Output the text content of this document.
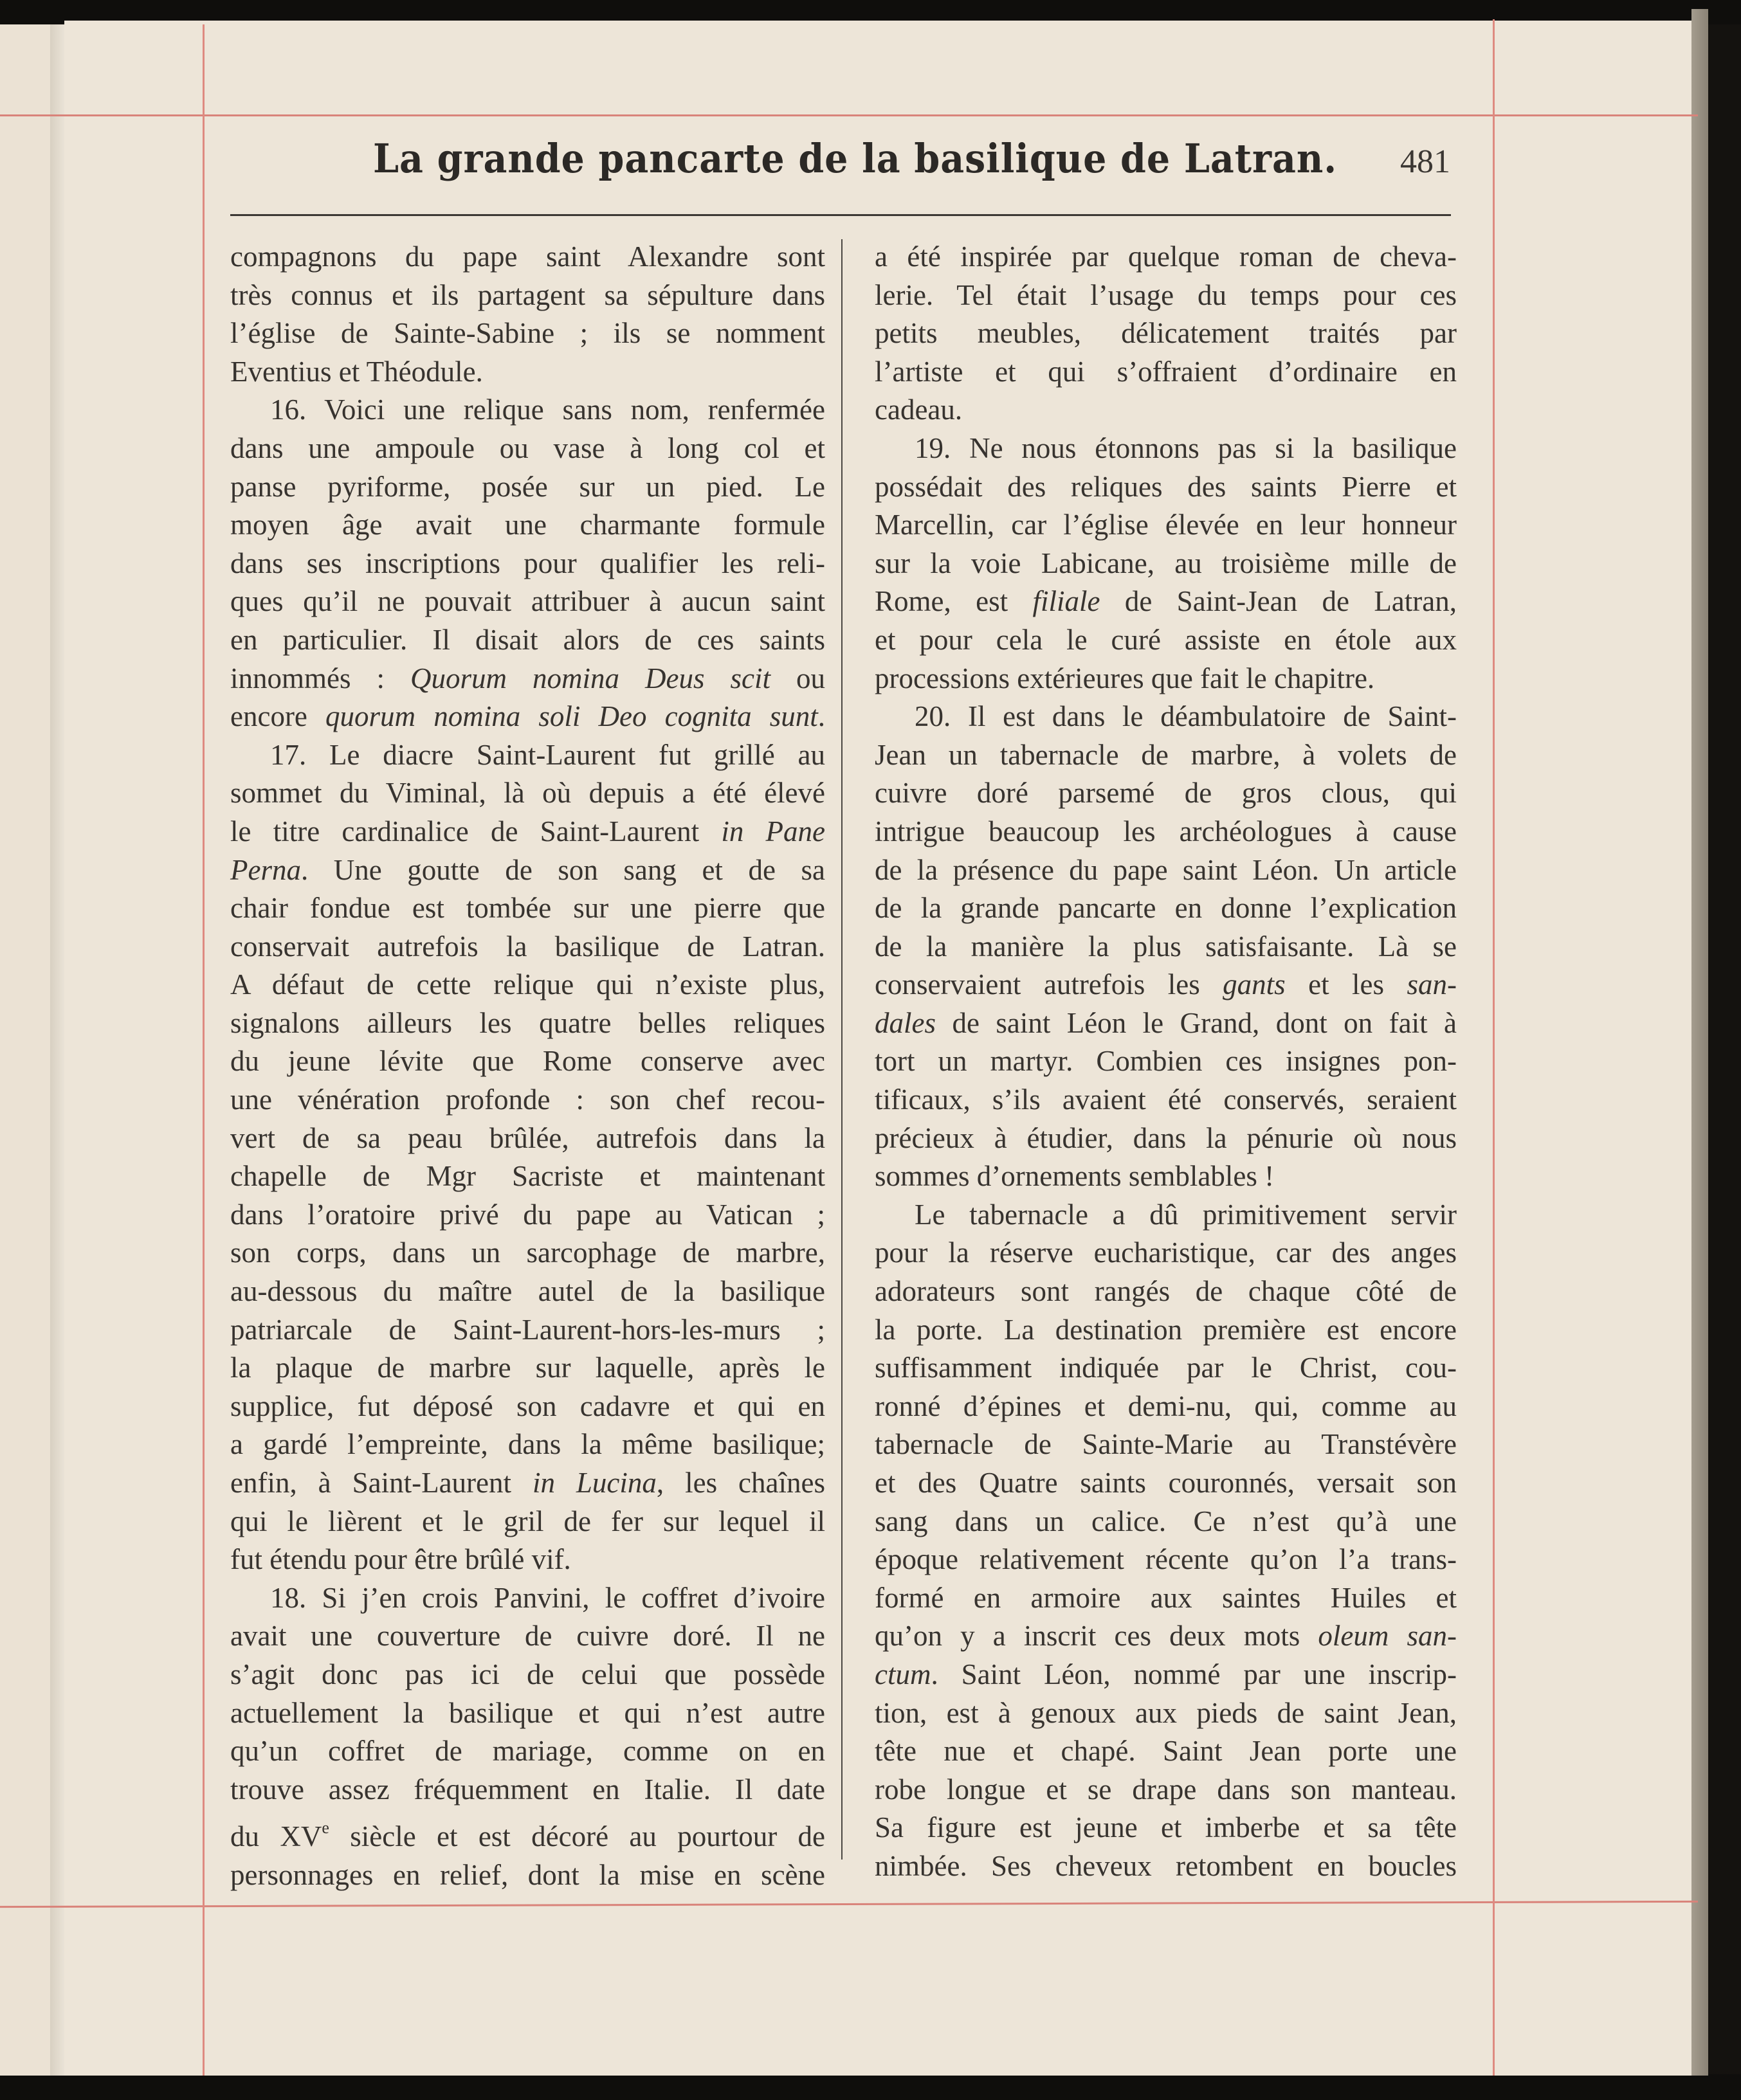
La grande pancarte de la basilique de Latran. 481
compagnons du pape saint Alexandre sont
très connus et ils partagent sa sépulture dans
l’église de Sainte-Sabine ; ils se nomment
Eventius et Théodule.
16. Voici une relique sans nom, renfermée
dans une ampoule ou vase à long col et
panse pyriforme, posée sur un pied. Le
moyen âge avait une charmante formule
dans ses inscriptions pour qualifier les reli-
ques qu’il ne pouvait attribuer à aucun saint
en particulier. Il disait alors de ces saints
innommés : Quorum nomina Deus scit ou
encore quorum nomina soli Deo cognita sunt.
17. Le diacre Saint-Laurent fut grillé au
sommet du Viminal, là où depuis a été élevé
le titre cardinalice de Saint-Laurent in Pane
Perna. Une goutte de son sang et de sa
chair fondue est tombée sur une pierre que
conservait autrefois la basilique de Latran.
A défaut de cette relique qui n’existe plus,
signalons ailleurs les quatre belles reliques
du jeune lévite que Rome conserve avec
une vénération profonde : son chef recou-
vert de sa peau brûlée, autrefois dans la
chapelle de Mgr Sacriste et maintenant
dans l’oratoire privé du pape au Vatican ;
son corps, dans un sarcophage de marbre,
au-dessous du maître autel de la basilique
patriarcale de Saint-Laurent-hors-les-murs ;
la plaque de marbre sur laquelle, après le
supplice, fut déposé son cadavre et qui en
a gardé l’empreinte, dans la même basilique;
enfin, à Saint-Laurent in Lucina, les chaînes
qui le lièrent et le gril de fer sur lequel il
fut étendu pour être brûlé vif.
18. Si j’en crois Panvini, le coffret d’ivoire
avait une couverture de cuivre doré. Il ne
s’agit donc pas ici de celui que possède
actuellement la basilique et qui n’est autre
qu’un coffret de mariage, comme on en
trouve assez fréquemment en Italie. Il date
du XVe siècle et est décoré au pourtour de
personnages en relief, dont la mise en scène
a été inspirée par quelque roman de cheva-
lerie. Tel était l’usage du temps pour ces
petits meubles, délicatement traités par
l’artiste et qui s’offraient d’ordinaire en
cadeau.
19. Ne nous étonnons pas si la basilique
possédait des reliques des saints Pierre et
Marcellin, car l’église élevée en leur honneur
sur la voie Labicane, au troisième mille de
Rome, est filiale de Saint-Jean de Latran,
et pour cela le curé assiste en étole aux
processions extérieures que fait le chapitre.
20. Il est dans le déambulatoire de Saint-
Jean un tabernacle de marbre, à volets de
cuivre doré parsemé de gros clous, qui
intrigue beaucoup les archéologues à cause
de la présence du pape saint Léon. Un article
de la grande pancarte en donne l’explication
de la manière la plus satisfaisante. Là se
conservaient autrefois les gants et les san-
dales de saint Léon le Grand, dont on fait à
tort un martyr. Combien ces insignes pon-
tificaux, s’ils avaient été conservés, seraient
précieux à étudier, dans la pénurie où nous
sommes d’ornements semblables !
Le tabernacle a dû primitivement servir
pour la réserve eucharistique, car des anges
adorateurs sont rangés de chaque côté de
la porte. La destination première est encore
suffisamment indiquée par le Christ, cou-
ronné d’épines et demi-nu, qui, comme au
tabernacle de Sainte-Marie au Transtévère
et des Quatre saints couronnés, versait son
sang dans un calice. Ce n’est qu’à une
époque relativement récente qu’on l’a trans-
formé en armoire aux saintes Huiles et
qu’on y a inscrit ces deux mots oleum san-
ctum. Saint Léon, nommé par une inscrip-
tion, est à genoux aux pieds de saint Jean,
tête nue et chapé. Saint Jean porte une
robe longue et se drape dans son manteau.
Sa figure est jeune et imberbe et sa tête
nimbée. Ses cheveux retombent en boucles
